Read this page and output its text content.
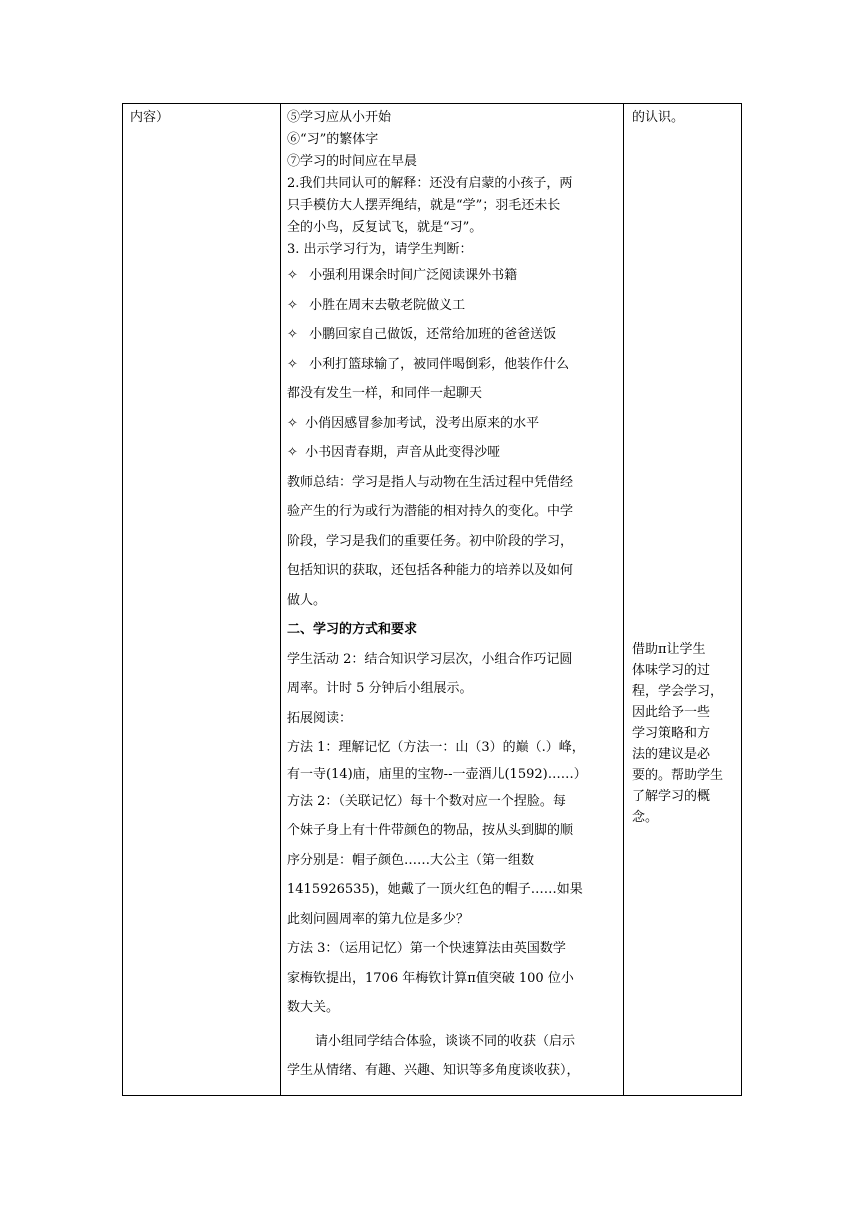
内容）	⑤学习应从小开始
⑥“习”的繁体字
⑦学习的时间应在早晨
2.我们共同认可的解释：还没有启蒙的小孩子，两
只手模仿大人摆弄绳结，就是“学”；羽毛还未长
全的小鸟，反复试飞，就是“习”。
3. 出示学习行为，请学生判断：
✧ 小强利用课余时间广泛阅读课外书籍
✧ 小胜在周末去敬老院做义工
✧ 小鹏回家自己做饭，还常给加班的爸爸送饭
✧ 小利打篮球输了，被同伴喝倒彩，他装作什么
都没有发生一样，和同伴一起聊天
✧ 小俏因感冒参加考试，没考出原来的水平
✧ 小书因青春期，声音从此变得沙哑
教师总结：学习是指人与动物在生活过程中凭借经
验产生的行为或行为潜能的相对持久的变化。中学
阶段，学习是我们的重要任务。初中阶段的学习，
包括知识的获取，还包括各种能力的培养以及如何
做人。
二、学习的方式和要求
学生活动 2：结合知识学习层次，小组合作巧记圆
周率。计时 5 分钟后小组展示。
拓展阅读：
方法 1：理解记忆（方法一：山（3）的巅（.）峰，
有一寺(14)庙，庙里的宝物--一壶酒儿(1592)……）
方法 2：（关联记忆）每十个数对应一个捏脸。每
个妹子身上有十件带颜色的物品，按从头到脚的顺
序分别是：帽子颜色……大公主（第一组数
1415926535)，她戴了一顶火红色的帽子……如果
此刻问圆周率的第九位是多少？
方法 3：（运用记忆）第一个快速算法由英国数学
家梅钦提出，1706 年梅钦计算π值突破 100 位小
数大关。
请小组同学结合体验，谈谈不同的收获（启示
学生从情绪、有趣、兴趣、知识等多角度谈收获），
的认识。
借助π让学生
体味学习的过
程，学会学习，
因此给予一些
学习策略和方
法的建议是必
要的。帮助学生
了解学习的概
念。
